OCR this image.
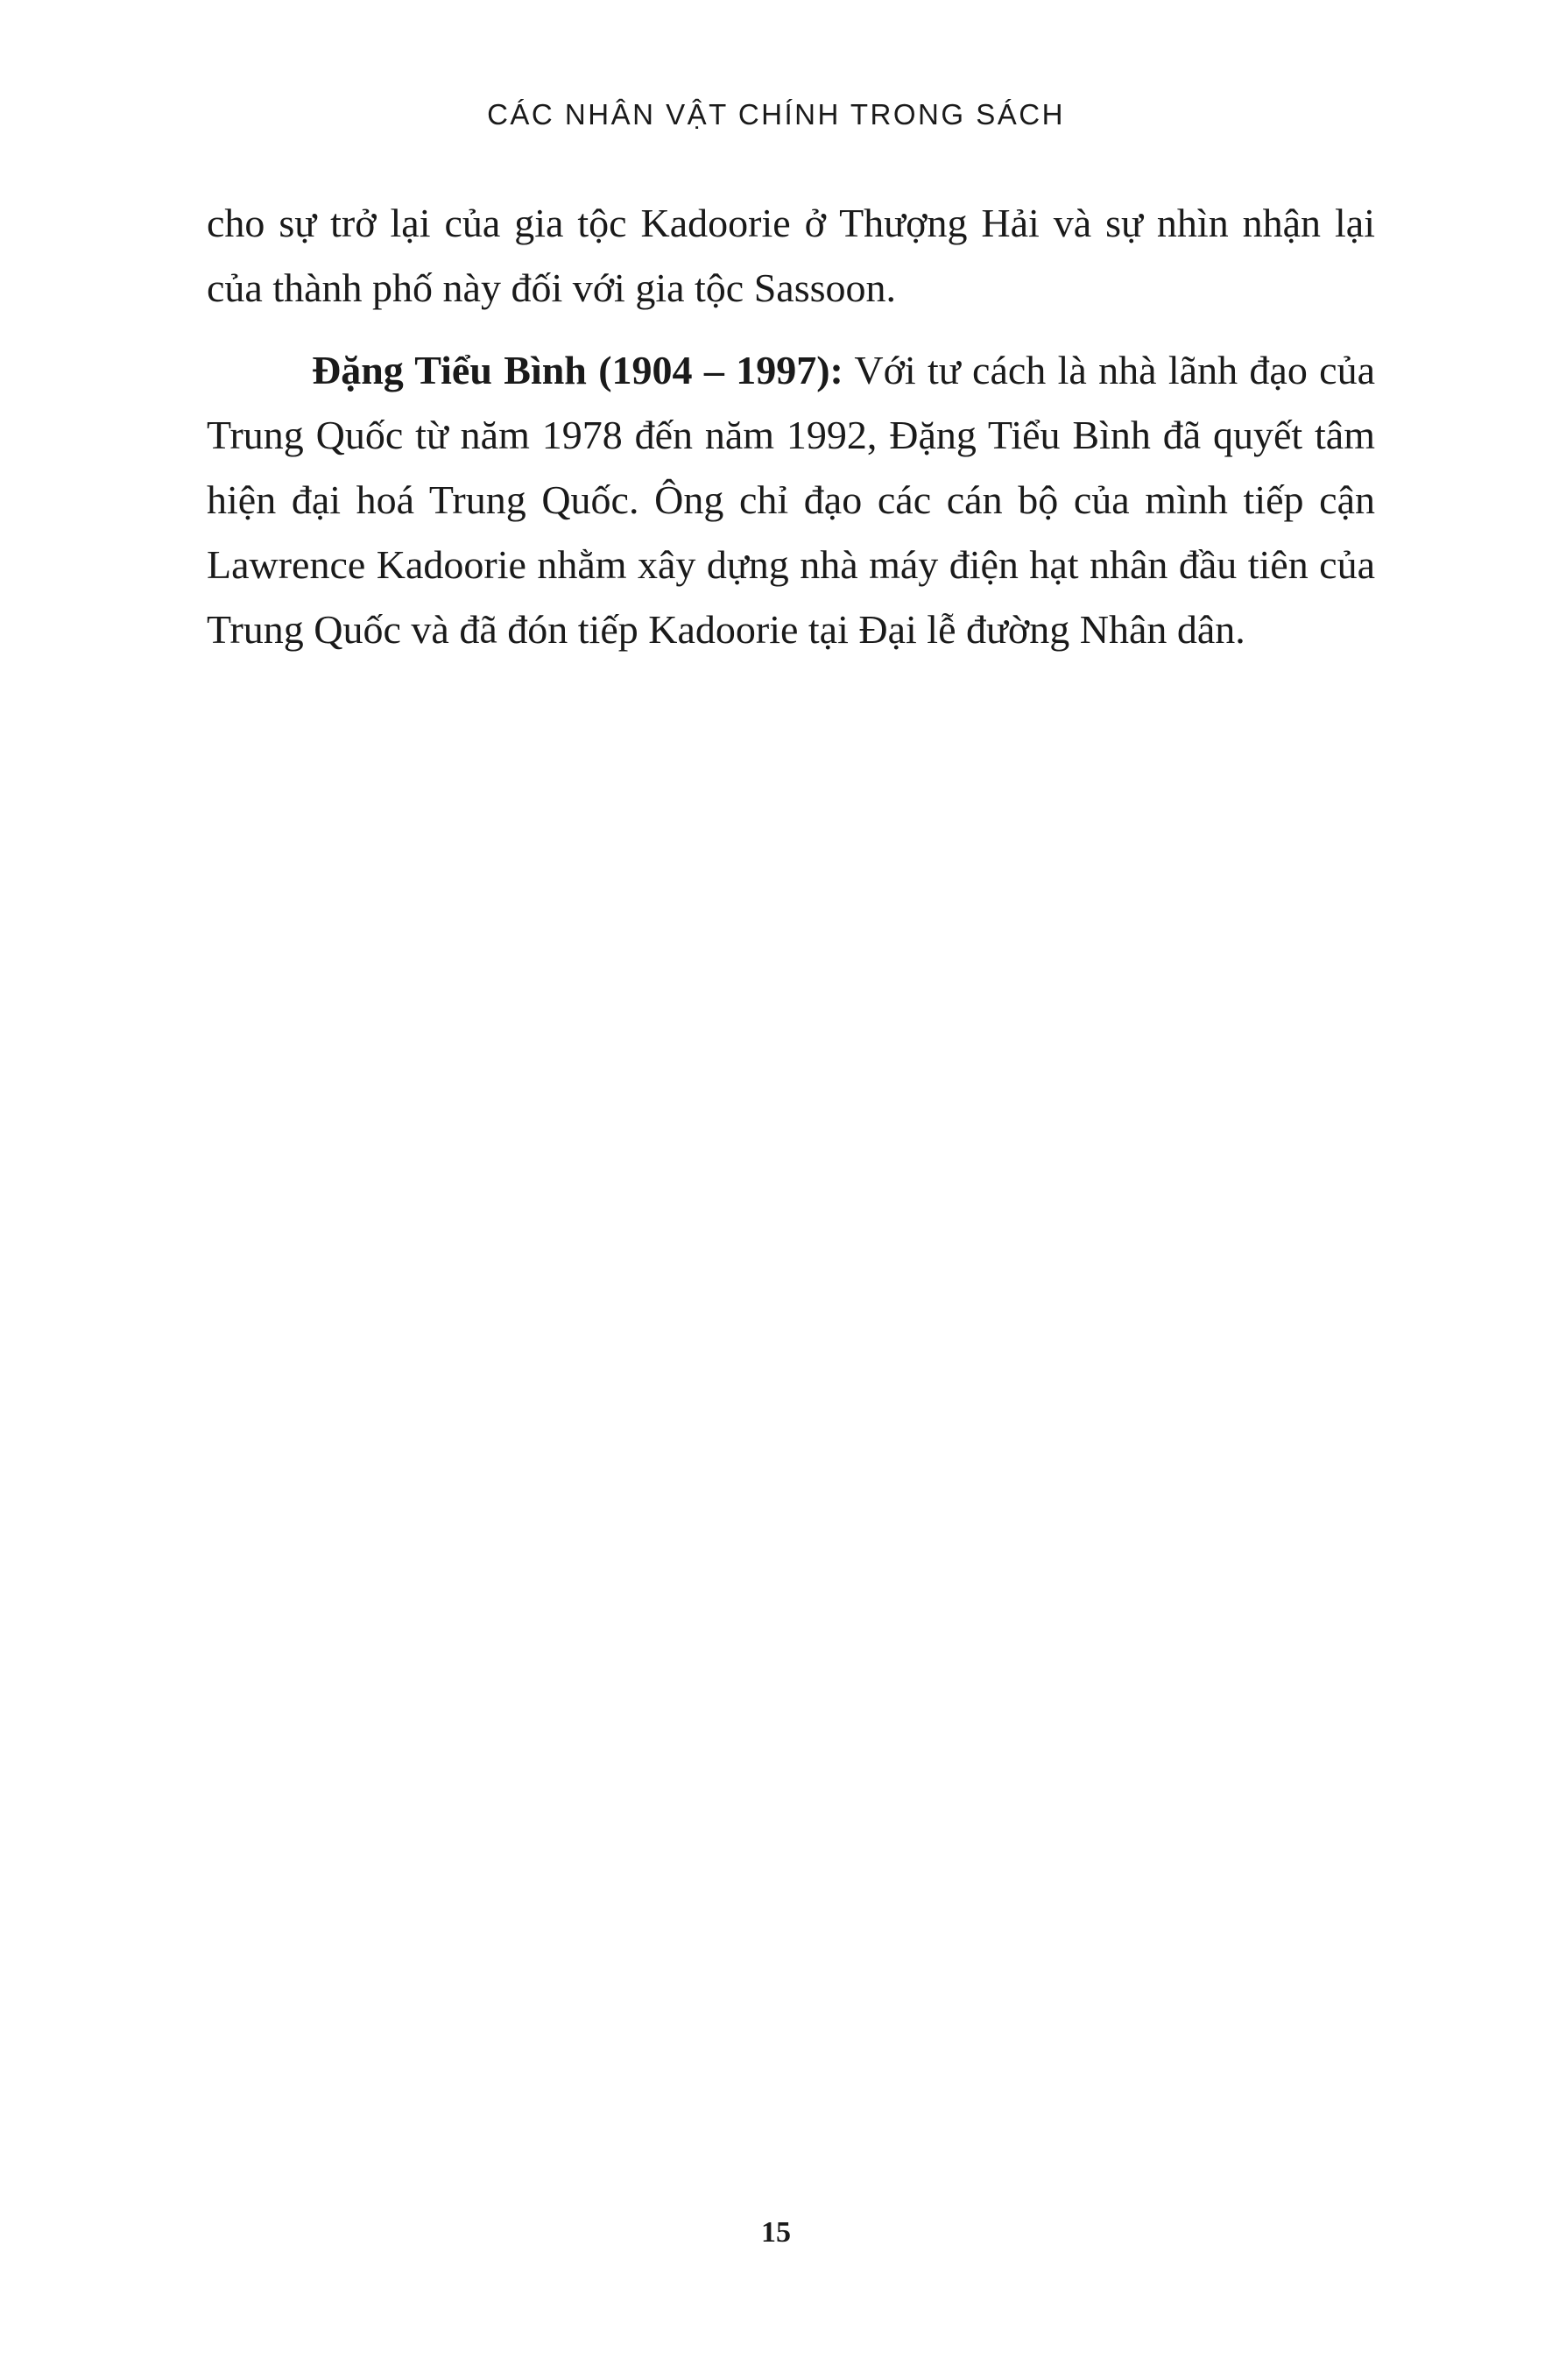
CÁC NHÂN VẬT CHÍNH TRONG SÁCH

cho sự trở lại của gia tộc Kadoorie ở Thượng Hải và sự nhìn nhận lại của thành phố này đối với gia tộc Sassoon.

Đặng Tiểu Bình (1904 – 1997): Với tư cách là nhà lãnh đạo của Trung Quốc từ năm 1978 đến năm 1992, Đặng Tiểu Bình đã quyết tâm hiện đại hoá Trung Quốc. Ông chỉ đạo các cán bộ của mình tiếp cận Lawrence Kadoorie nhằm xây dựng nhà máy điện hạt nhân đầu tiên của Trung Quốc và đã đón tiếp Kadoorie tại Đại lễ đường Nhân dân.

15
